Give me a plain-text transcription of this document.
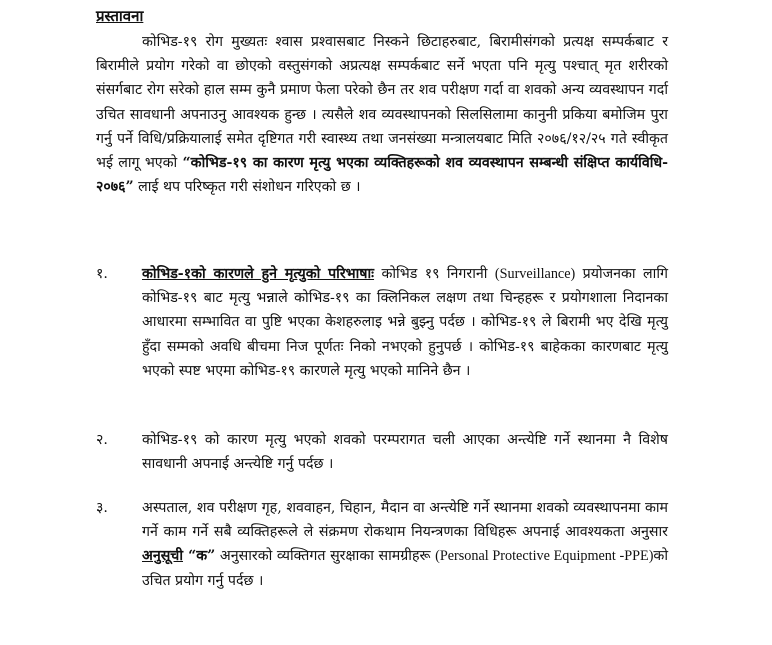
प्रस्तावना

कोभिड-१९ रोग मुख्यतः श्वास प्रश्वासबाट निस्कने छिटाहरुबाट, बिरामीसंगको प्रत्यक्ष सम्पर्कबाट र बिरामीले प्रयोग गरेको वा छोएको वस्तुसंगको अप्रत्यक्ष सम्पर्कबाट सर्ने भएता पनि मृत्यु पश्चात् मृत शरीरको संसर्गबाट रोग सरेको हाल सम्म कुनै प्रमाण फेला परेको छैन तर शव परीक्षण गर्दा वा शवको अन्य व्यवस्थापन गर्दा उचित सावधानी अपनाउनु आवश्यक हुन्छ । त्यसैले शव व्यवस्थापनको सिलसिलामा कानुनी प्रकिया बमोजिम पुरा गर्नु पर्ने विधि/प्रक्रियालाई समेत दृष्टिगत गरी स्वास्थ्य तथा जनसंख्या मन्त्रालयबाट मिति २०७६/१२/२५ गते स्वीकृत भई लागू भएको “कोभिड-१९ का कारण मृत्यु भएका व्यक्तिहरूको शव व्यवस्थापन सम्बन्धी संक्षिप्त कार्यविधि- २०७६” लाई थप परिष्कृत गरी संशोधन गरिएको छ ।

१. कोभिड-१को कारणले हुने मृत्युको परिभाषाः कोभिड १९ निगरानी (Surveillance) प्रयोजनका लागि कोभिड-१९ बाट मृत्यु भन्नाले कोभिड-१९ का क्लिनिकल लक्षण तथा चिन्हहरू र प्रयोगशाला निदानका आधारमा सम्भावित वा पुष्टि भएका केशहरुलाइ भन्ने बुझ्नु पर्दछ । कोभिड-१९ ले बिरामी भए देखि मृत्यु हुँदा सम्मको अवधि बीचमा निज पूर्णतः निको नभएको हुनुपर्छ । कोभिड-१९ बाहेकका कारणबाट मृत्यु भएको स्पष्ट भएमा कोभिड-१९ कारणले मृत्यु भएको मानिने छैन ।

२. कोभिड-१९ को कारण मृत्यु भएको शवको परम्परागत चली आएका अन्त्येष्टि गर्ने स्थानमा नै विशेष सावधानी अपनाई अन्त्येष्टि गर्नु पर्दछ ।

३. अस्पताल, शव परीक्षण गृह, शववाहन, चिहान, मैदान वा अन्त्येष्टि गर्ने स्थानमा शवको व्यवस्थापनमा काम गर्ने काम गर्ने सबै व्यक्तिहरूले ले संक्रमण रोकथाम नियन्त्रणका विधिहरू अपनाई आवश्यकता अनुसार अनुसूची “क” अनुसारको व्यक्तिगत सुरक्षाका सामग्रीहरू (Personal Protective Equipment -PPE)को उचित प्रयोग गर्नु पर्दछ ।
